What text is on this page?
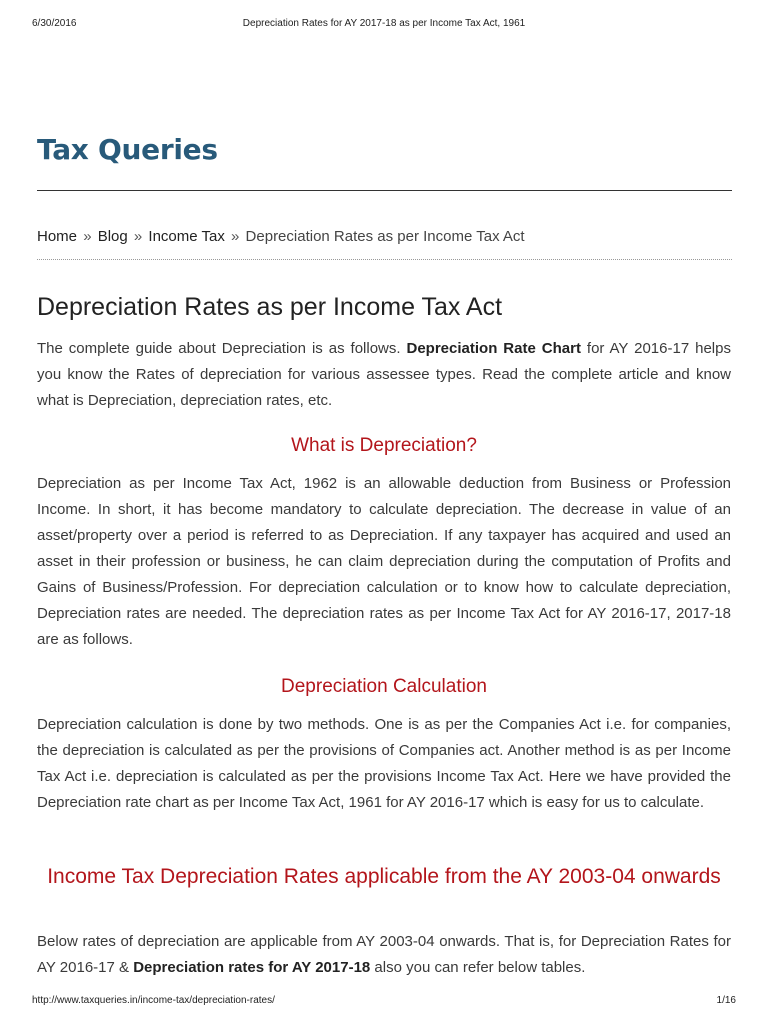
6/30/2016	Depreciation Rates for AY 2017-18 as per Income Tax Act, 1961
Tax Queries
Home » Blog » Income Tax » Depreciation Rates as per Income Tax Act
Depreciation Rates as per Income Tax Act

The complete guide about Depreciation is as follows. Depreciation Rate Chart for AY 2016-17 helps you know the Rates of depreciation for various assessee types. Read the complete article and know what is Depreciation, depreciation rates, etc.

What is Depreciation?

Depreciation as per Income Tax Act, 1962 is an allowable deduction from Business or Profession Income. In short, it has become mandatory to calculate depreciation. The decrease in value of an asset/property over a period is referred to as Depreciation. If any taxpayer has acquired and used an asset in their profession or business, he can claim depreciation during the computation of Profits and Gains of Business/Profession. For depreciation calculation or to know how to calculate depreciation, Depreciation rates are needed. The depreciation rates as per Income Tax Act for AY 2016-17, 2017-18 are as follows.

Depreciation Calculation

Depreciation calculation is done by two methods. One is as per the Companies Act i.e. for companies, the depreciation is calculated as per the provisions of Companies act. Another method is as per Income Tax Act i.e. depreciation is calculated as per the provisions Income Tax Act. Here we have provided the Depreciation rate chart as per Income Tax Act, 1961 for AY 2016-17 which is easy for us to calculate.

Income Tax Depreciation Rates applicable from the AY 2003-04 onwards

Below rates of depreciation are applicable from AY 2003-04 onwards. That is, for Depreciation Rates for AY 2016-17 & Depreciation rates for AY 2017-18 also you can refer below tables.

http://www.taxqueries.in/income-tax/depreciation-rates/	1/16
